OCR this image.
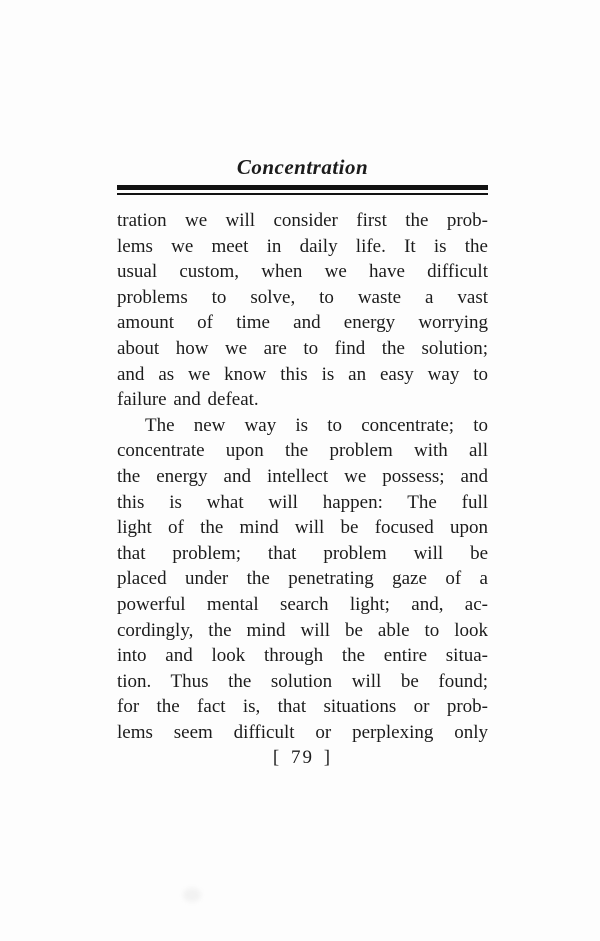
Concentration
tration we will consider first the prob-
lems we meet in daily life. It is the
usual custom, when we have difficult
problems to solve, to waste a vast
amount of time and energy worrying
about how we are to find the solution;
and as we know this is an easy way to
failure and defeat.
The new way is to concentrate; to
concentrate upon the problem with all
the energy and intellect we possess; and
this is what will happen: The full
light of the mind will be focused upon
that problem; that problem will be
placed under the penetrating gaze of a
powerful mental search light; and, ac-
cordingly, the mind will be able to look
into and look through the entire situa-
tion. Thus the solution will be found;
for the fact is, that situations or prob-
lems seem difficult or perplexing only
[ 79 ]
